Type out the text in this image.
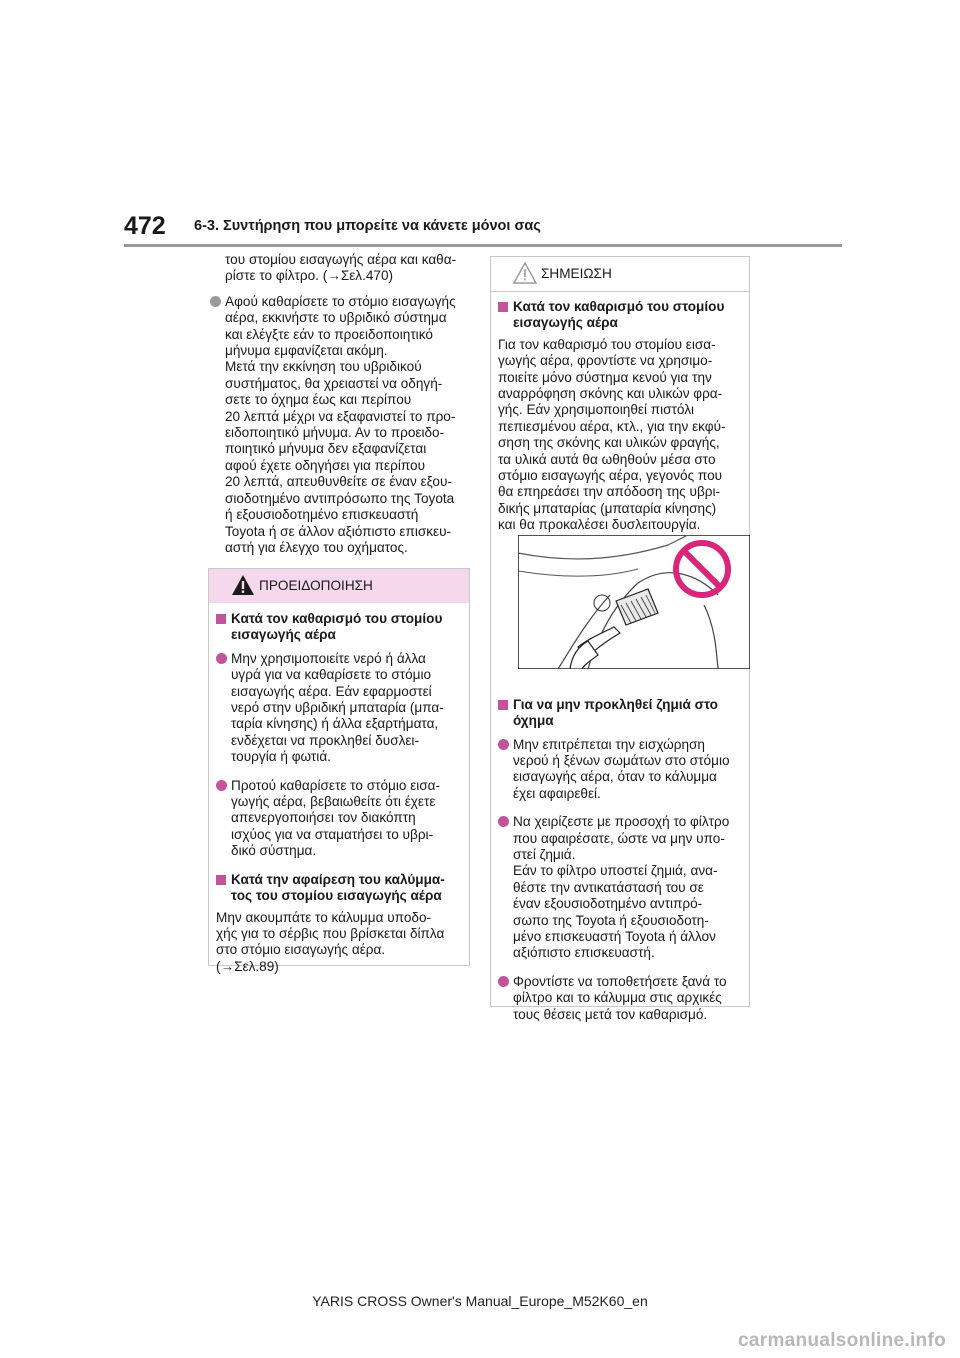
472 6-3. Συντήρηση που μπορείτε να κάνετε μόνοι σας

του στομίου εισαγωγής αέρα και καθα-
ρίστε το φίλτρο. (→Σελ.470)

Αφού καθαρίσετε το στόμιο εισαγωγής
αέρα, εκκινήστε το υβριδικό σύστημα
και ελέγξτε εάν το προειδοποιητικό
μήνυμα εμφανίζεται ακόμη.
Μετά την εκκίνηση του υβριδικού
συστήματος, θα χρειαστεί να οδηγή-
σετε το όχημα έως και περίπου
20 λεπτά μέχρι να εξαφανιστεί το προ-
ειδοποιητικό μήνυμα. Αν το προειδο-
ποιητικό μήνυμα δεν εξαφανίζεται
αφού έχετε οδηγήσει για περίπου
20 λεπτά, απευθυνθείτε σε έναν εξου-
σιοδοτημένο αντιπρόσωπο της Toyota
ή εξουσιοδοτημένο επισκευαστή
Toyota ή σε άλλον αξιόπιστο επισκευ-
αστή για έλεγχο του οχήματος.

ΠΡΟΕΙΔΟΠΟΙΗΣΗ

Κατά τον καθαρισμό του στομίου
εισαγωγής αέρα

Μην χρησιμοποιείτε νερό ή άλλα
υγρά για να καθαρίσετε το στόμιο
εισαγωγής αέρα. Εάν εφαρμοστεί
νερό στην υβριδική μπαταρία (μπα-
ταρία κίνησης) ή άλλα εξαρτήματα,
ενδέχεται να προκληθεί δυσλει-
τουργία ή φωτιά.

Προτού καθαρίσετε το στόμιο εισα-
γωγής αέρα, βεβαιωθείτε ότι έχετε
απενεργοποιήσει τον διακόπτη
ισχύος για να σταματήσει το υβρι-
δικό σύστημα.

Κατά την αφαίρεση του καλύμμα-
τος του στομίου εισαγωγής αέρα

Μην ακουμπάτε το κάλυμμα υποδο-
χής για το σέρβις που βρίσκεται δίπλα
στο στόμιο εισαγωγής αέρα.
(→Σελ.89)

ΣΗΜΕΙΩΣΗ

Κατά τον καθαρισμό του στομίου
εισαγωγής αέρα

Για τον καθαρισμό του στομίου εισα-
γωγής αέρα, φροντίστε να χρησιμο-
ποιείτε μόνο σύστημα κενού για την
αναρρόφηση σκόνης και υλικών φρα-
γής. Εάν χρησιμοποιηθεί πιστόλι
πεπιεσμένου αέρα, κτλ., για την εκφύ-
σηση της σκόνης και υλικών φραγής,
τα υλικά αυτά θα ωθηθούν μέσα στο
στόμιο εισαγωγής αέρα, γεγονός που
θα επηρεάσει την απόδοση της υβρι-
δικής μπαταρίας (μπαταρία κίνησης)
και θα προκαλέσει δυσλειτουργία.

Για να μην προκληθεί ζημιά στο
όχημα

Μην επιτρέπεται την εισχώρηση
νερού ή ξένων σωμάτων στο στόμιο
εισαγωγής αέρα, όταν το κάλυμμα
έχει αφαιρεθεί.

Να χειρίζεστε με προσοχή το φίλτρο
που αφαιρέσατε, ώστε να μην υπο-
στεί ζημιά.
Εάν το φίλτρο υποστεί ζημιά, ανα-
θέστε την αντικατάστασή του σε
έναν εξουσιοδοτημένο αντιπρό-
σωπο της Toyota ή εξουσιοδοτη-
μένο επισκευαστή Toyota ή άλλον
αξιόπιστο επισκευαστή.

Φροντίστε να τοποθετήσετε ξανά το
φίλτρο και το κάλυμμα στις αρχικές
τους θέσεις μετά τον καθαρισμό.

YARIS CROSS Owner's Manual_Europe_M52K60_en
carmanualsonline.info
